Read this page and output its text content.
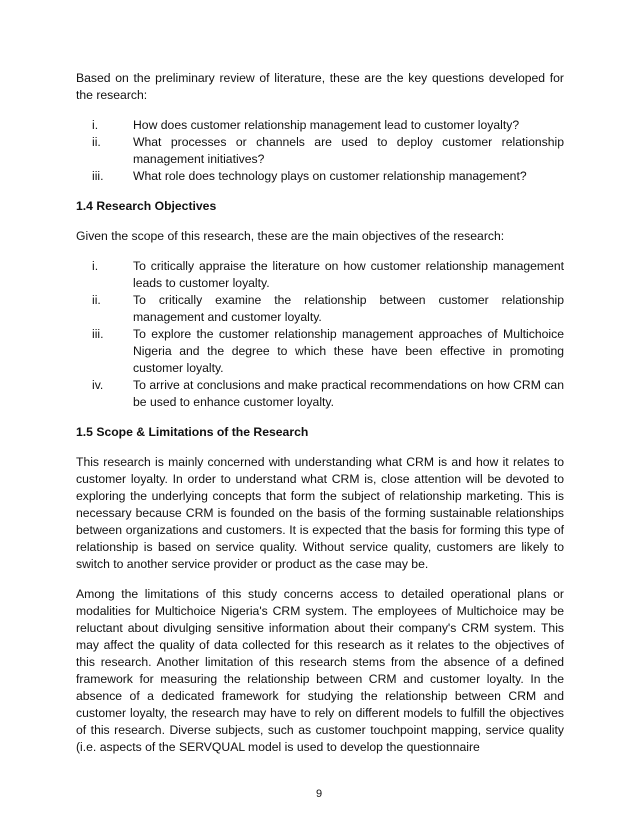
Based on the preliminary review of literature, these are the key questions developed for the research:

i.	How does customer relationship management lead to customer loyalty?
ii.	What processes or channels are used to deploy customer relationship management initiatives?
iii.	What role does technology plays on customer relationship management?
1.4 Research Objectives

Given the scope of this research, these are the main objectives of the research:

i.	To critically appraise the literature on how customer relationship management leads to customer loyalty.
ii.	To critically examine the relationship between customer relationship management and customer loyalty.
iii.	To explore the customer relationship management approaches of Multichoice Nigeria and the degree to which these have been effective in promoting customer loyalty.
iv.	To arrive at conclusions and make practical recommendations on how CRM can be used to enhance customer loyalty.
1.5 Scope & Limitations of the Research

This research is mainly concerned with understanding what CRM is and how it relates to customer loyalty. In order to understand what CRM is, close attention will be devoted to exploring the underlying concepts that form the subject of relationship marketing. This is necessary because CRM is founded on the basis of the forming sustainable relationships between organizations and customers. It is expected that the basis for forming this type of relationship is based on service quality. Without service quality, customers are likely to switch to another service provider or product as the case may be.

Among the limitations of this study concerns access to detailed operational plans or modalities for Multichoice Nigeria's CRM system. The employees of Multichoice may be reluctant about divulging sensitive information about their company's CRM system. This may affect the quality of data collected for this research as it relates to the objectives of this research. Another limitation of this research stems from the absence of a defined framework for measuring the relationship between CRM and customer loyalty. In the absence of a dedicated framework for studying the relationship between CRM and customer loyalty, the research may have to rely on different models to fulfill the objectives of this research. Diverse subjects, such as customer touchpoint mapping, service quality (i.e. aspects of the SERVQUAL model is used to develop the questionnaire

9
